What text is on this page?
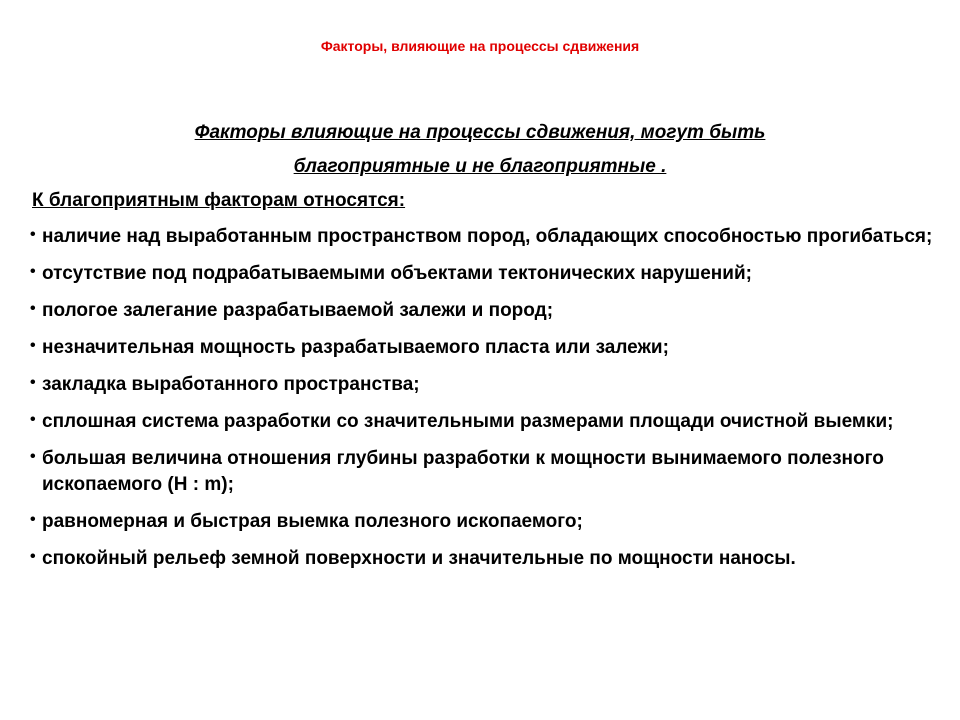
Факторы, влияющие на процессы сдвижения
Факторы влияющие на процессы сдвижения, могут быть
благоприятные и не благоприятные .
К благоприятным факторам относятся:
• наличие над выработанным пространством пород, обладающих способностью прогибаться;
• отсутствие под подрабатываемыми объектами тектонических нарушений;
• пологое залегание разрабатываемой залежи и пород;
• незначительная мощность разрабатываемого пласта или залежи;
• закладка выработанного пространства;
• сплошная система разработки со значительными размерами площади очистной выемки;
• большая величина отношения глубины разработки к мощности вынимаемого полезного ископаемого (H : m);
• равномерная и быстрая выемка полезного ископаемого;
• спокойный рельеф земной поверхности и значительные по мощности наносы.
